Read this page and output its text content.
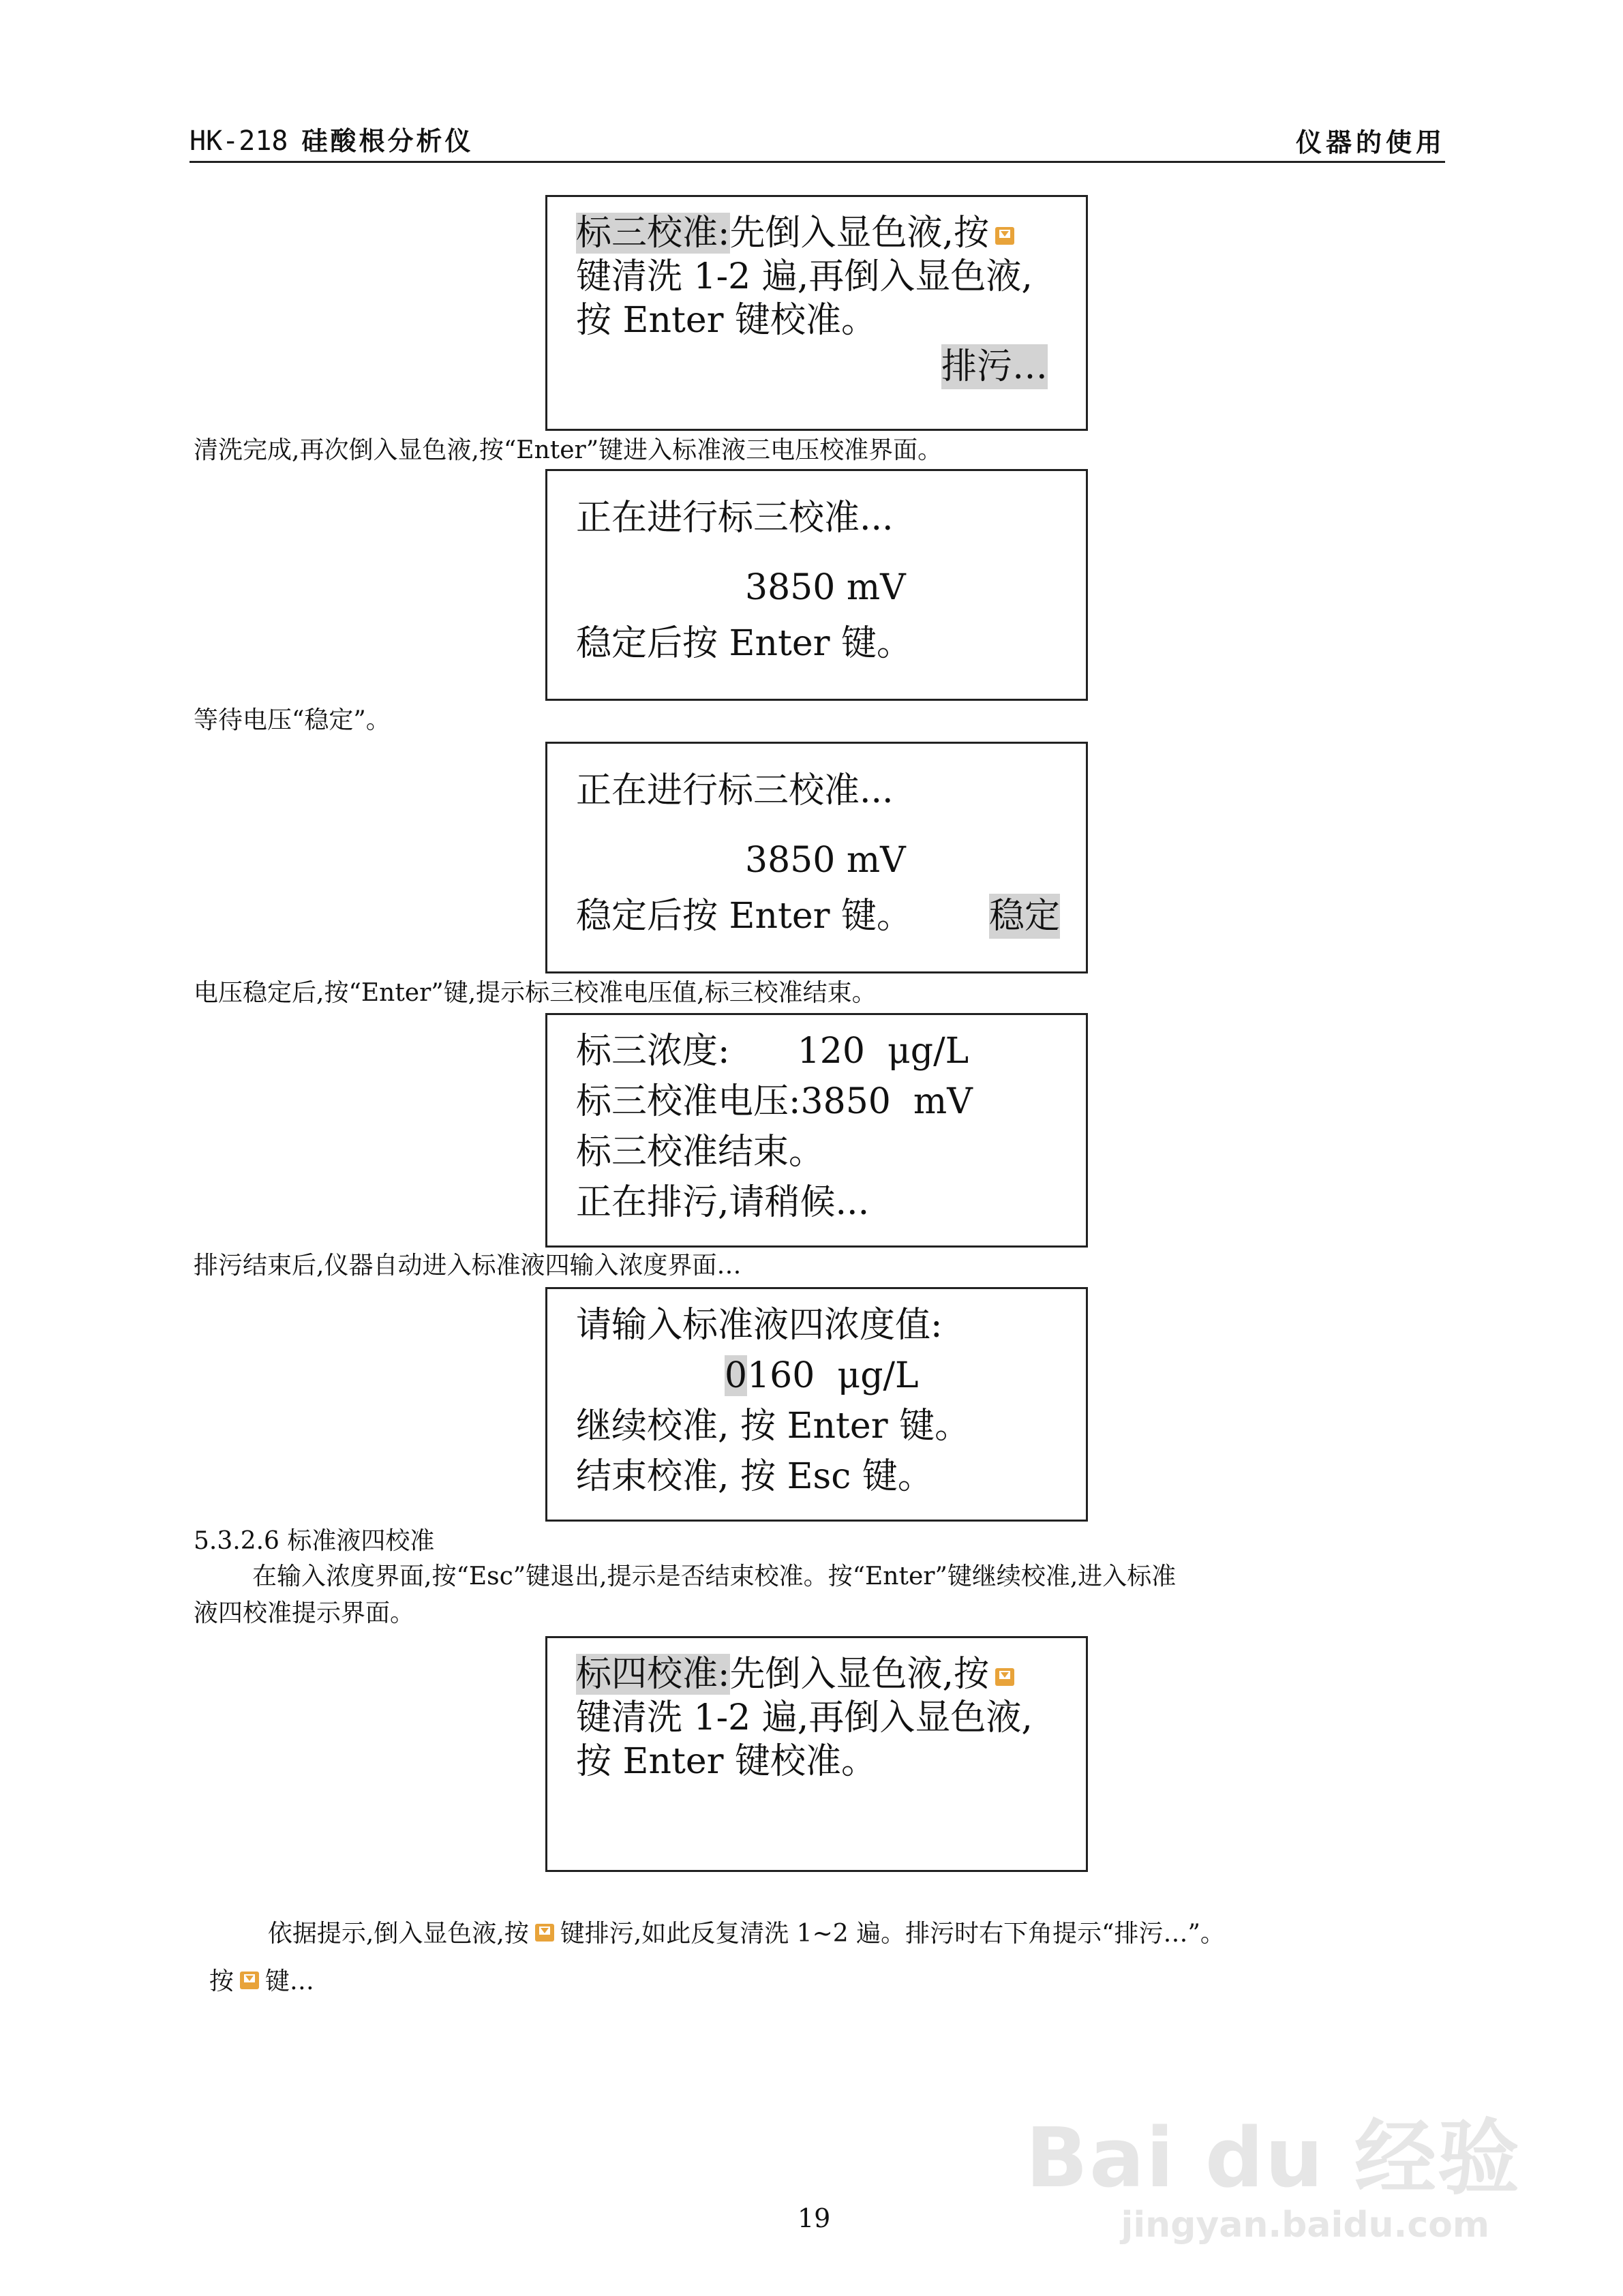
HK-218 硅酸根分析仪	仪器的使用
标三校准:先倒入显色液,按
键清洗 1-2 遍,再倒入显色液,
按 Enter 键校准。
排污…
清洗完成,再次倒入显色液,按“Enter”键进入标准液三电压校准界面。
正在进行标三校准...
3850 mV
稳定后按 Enter 键。
等待电压“稳定”。
正在进行标三校准...
3850 mV
稳定后按 Enter 键。 稳定
电压稳定后,按“Enter”键,提示标三校准电压值,标三校准结束。
标三浓度:      120  μg/L
标三校准电压:3850  mV
标三校准结束。
正在排污,请稍候...
排污结束后,仪器自动进入标准液四输入浓度界面…
请输入标准液四浓度值:
0160  μg/L
继续校准, 按 Enter 键。
结束校准, 按 Esc 键。
5.3.2.6 标准液四校准
在输入浓度界面,按“Esc”键退出,提示是否结束校准。按“Enter”键继续校准,进入标准
液四校准提示界面。
标四校准:先倒入显色液,按
键清洗 1-2 遍,再倒入显色液,
按 Enter 键校准。

依据提示,倒入显色液,按 键排污,如此反复清洗 1~2 遍。排污时右下角提示“排污…”。

按 键…

Bai du 经验
jingyan.baidu.com
19
